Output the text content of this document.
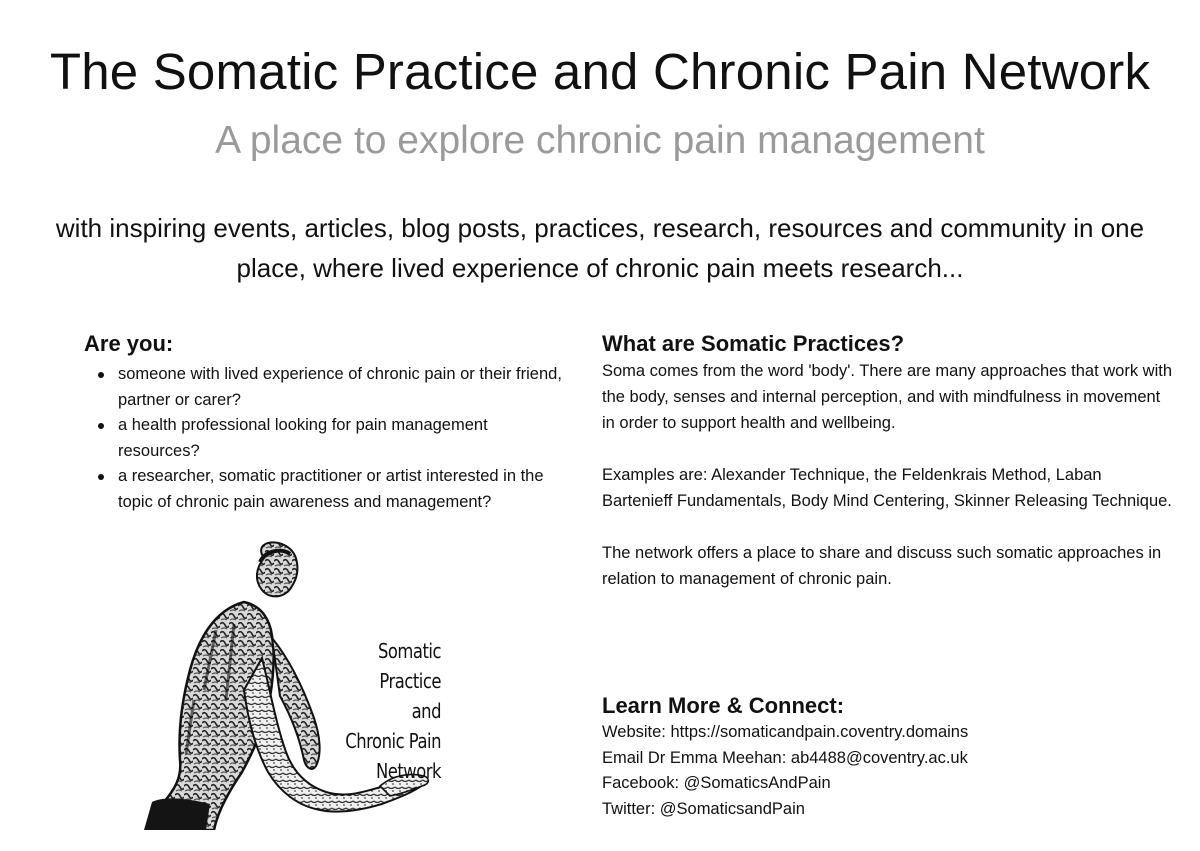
The Somatic Practice and Chronic Pain Network
A place to explore chronic pain management
with inspiring events, articles, blog posts, practices, research, resources and community in one place, where lived experience of chronic pain meets research...
Are you:
someone with lived experience of chronic pain or their friend, partner or carer?
a health professional looking for pain management resources?
a researcher, somatic practitioner or artist interested in the topic of chronic pain awareness and management?
What are Somatic Practices?

Soma comes from the word 'body'. There are many approaches that work with the body, senses and internal perception, and with mindfulness in movement in order to support health and wellbeing.

Examples are: Alexander Technique, the Feldenkrais Method, Laban Bartenieff Fundamentals, Body Mind Centering, Skinner Releasing Technique.

The network offers a place to share and discuss such somatic approaches in relation to management of chronic pain.

Learn More & Connect:
Website: https://somaticandpain.coventry.domains
Email Dr Emma Meehan: ab4488@coventry.ac.uk
Facebook: @SomaticsAndPain
Twitter: @SomaticsandPain
Somatic Practice
and
Chronic Pain
Network
